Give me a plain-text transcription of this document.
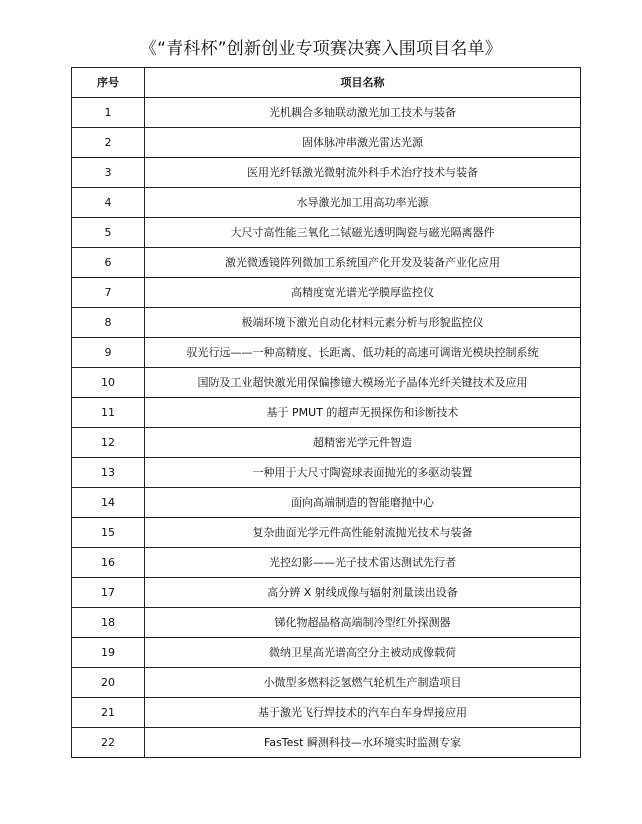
《“青科杯”创新创业专项赛决赛入围项目名单》
序号	项目名称
1	光机耦合多轴联动激光加工技术与装备
2	固体脉冲串激光雷达光源
3	医用光纤铥激光微射流外科手术治疗技术与装备
4	水导激光加工用高功率光源
5	大尺寸高性能三氧化二铽磁光透明陶瓷与磁光隔离器件
6	激光微透镜阵列微加工系统国产化开发及装备产业化应用
7	高精度宽光谱光学膜厚监控仪
8	极端环境下激光自动化材料元素分析与形貌监控仪
9	驭光行远——一种高精度、长距离、低功耗的高速可调谐光模块控制系统
10	国防及工业超快激光用保偏掺镱大模场光子晶体光纤关键技术及应用
11	基于 PMUT 的超声无损探伤和诊断技术
12	超精密光学元件智造
13	一种用于大尺寸陶瓷球表面抛光的多驱动装置
14	面向高端制造的智能磨抛中心
15	复杂曲面光学元件高性能射流抛光技术与装备
16	光控幻影——光子技术雷达测试先行者
17	高分辨 X 射线成像与辐射剂量读出设备
18	锑化物超晶格高端制冷型红外探测器
19	微纳卫星高光谱高空分主被动成像载荷
20	小微型多燃料泛氢燃气轮机生产制造项目
21	基于激光飞行焊技术的汽车白车身焊接应用
22	FasTest 瞬测科技—水环境实时监测专家
